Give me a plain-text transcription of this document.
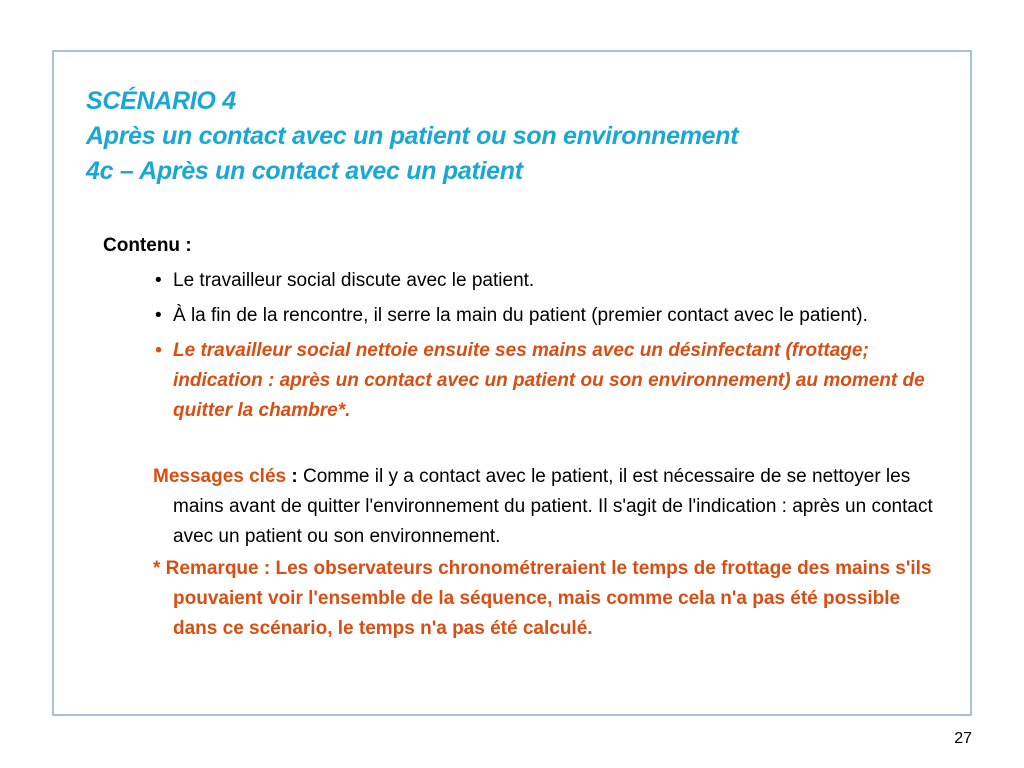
SCÉNARIO 4
Après un contact avec un patient ou son environnement
4c – Après un contact avec un patient
Contenu :
• Le travailleur social discute avec le patient.
• À la fin de la rencontre, il serre la main du patient (premier contact avec le patient).
• Le travailleur social nettoie ensuite ses mains avec un désinfectant (frottage; indication : après un contact avec un patient ou son environnement) au moment de quitter la chambre*.
Messages clés : Comme il y a contact avec le patient, il est nécessaire de se nettoyer les mains avant de quitter l'environnement du patient. Il s'agit de l'indication : après un contact avec un patient ou son environnement.
* Remarque : Les observateurs chronométreraient le temps de frottage des mains s'ils pouvaient voir l'ensemble de la séquence, mais comme cela n'a pas été possible dans ce scénario, le temps n'a pas été calculé.
27
